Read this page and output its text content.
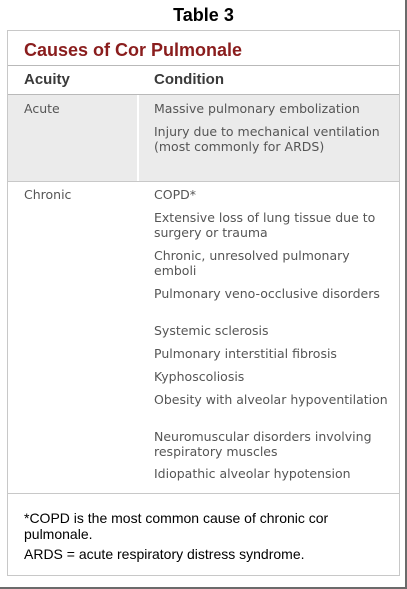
Table 3
Causes of Cor Pulmonale
Acuity	Condition
Acute	Massive pulmonary embolization
Injury due to mechanical ventilation (most commonly for ARDS)
Chronic	COPD*
Extensive loss of lung tissue due to surgery or trauma
Chronic, unresolved pulmonary emboli
Pulmonary veno-occlusive disorders
Systemic sclerosis
Pulmonary interstitial fibrosis
Kyphoscoliosis
Obesity with alveolar hypoventilation
Neuromuscular disorders involving respiratory muscles
Idiopathic alveolar hypotension
*COPD is the most common cause of chronic cor pulmonale.
ARDS = acute respiratory distress syndrome.
